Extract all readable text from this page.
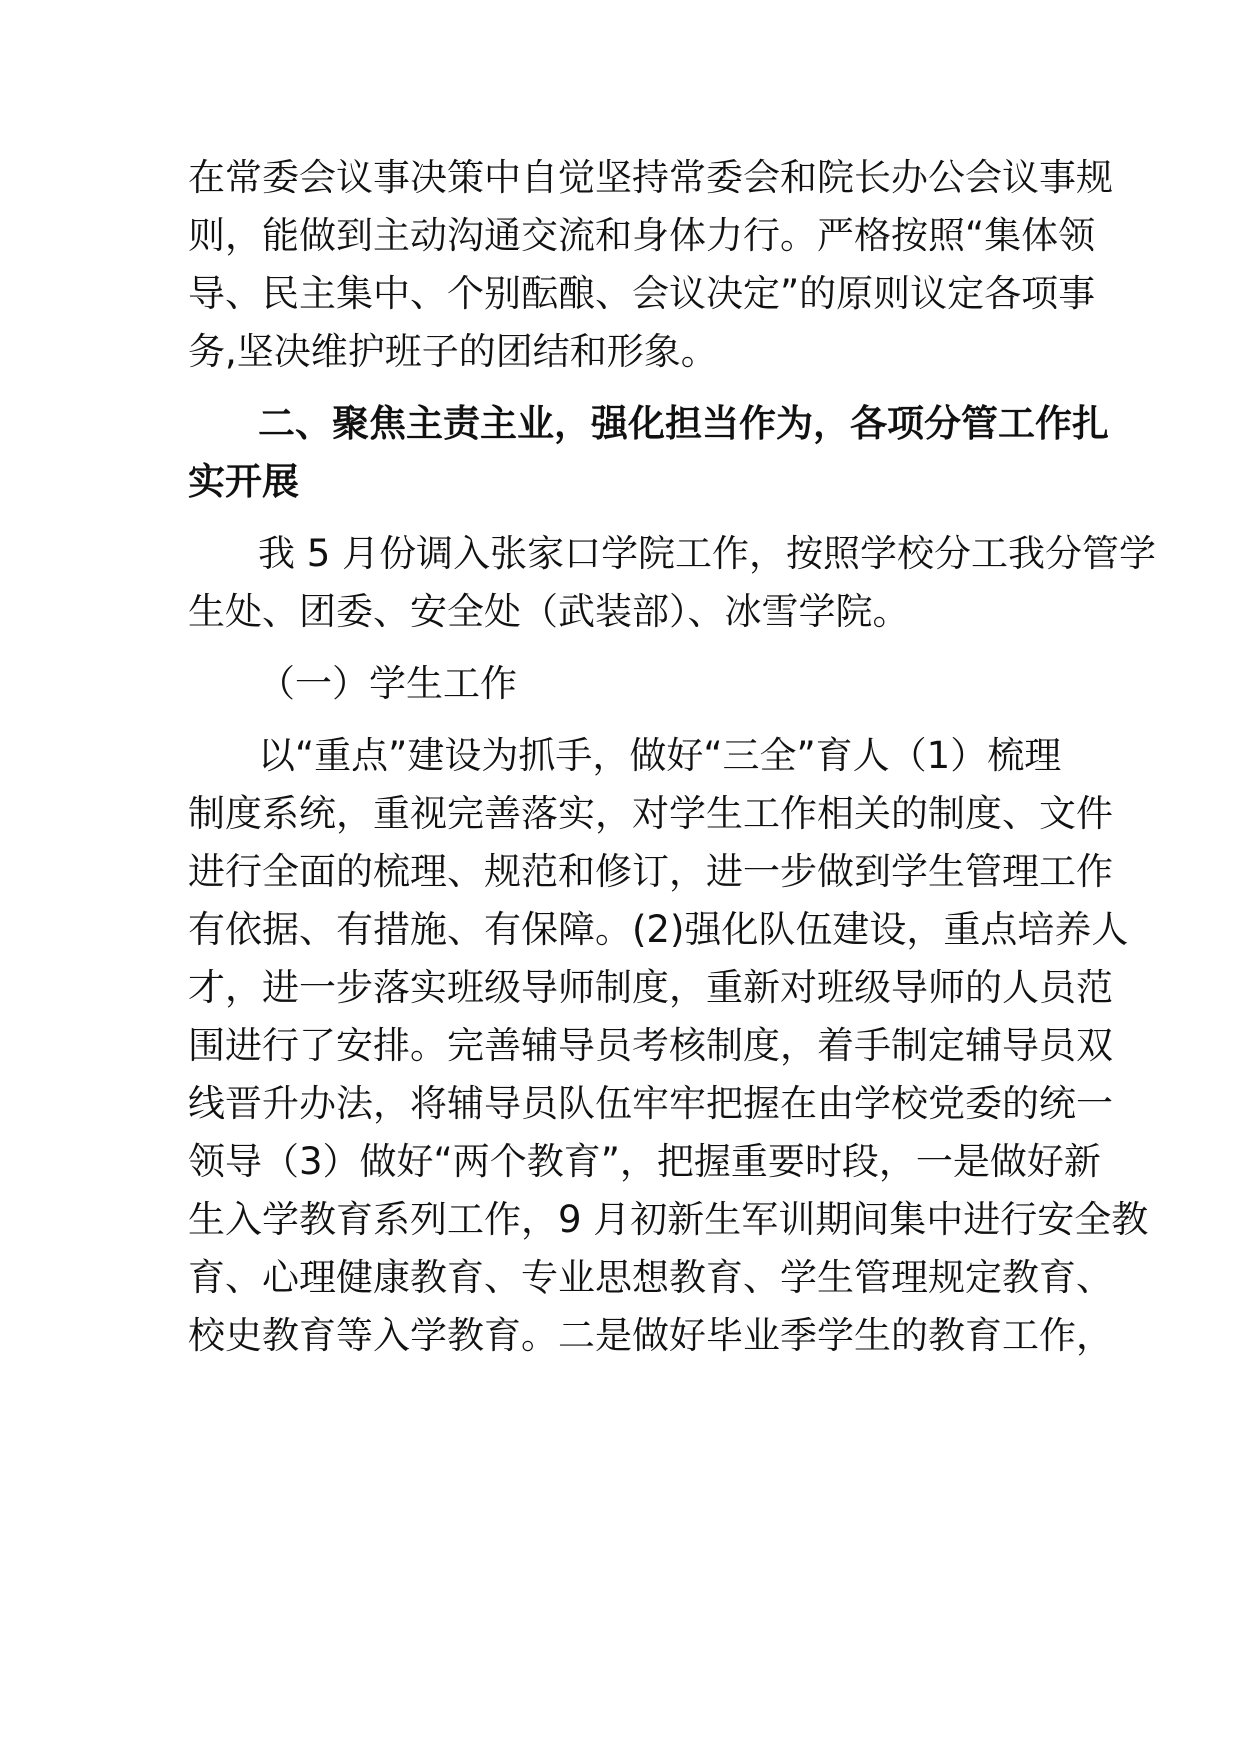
在常委会议事决策中自觉坚持常委会和院长办公会议事规

则，能做到主动沟通交流和身体力行。严格按照“集体领

导、民主集中、个别酝酿、会议决定”的原则议定各项事

务,坚决维护班子的团结和形象。

二、聚焦主责主业，强化担当作为，各项分管工作扎

实开展

我 5 月份调入张家口学院工作，按照学校分工我分管学

生处、团委、安全处（武装部）、冰雪学院。

（一）学生工作

以“重点”建设为抓手，做好“三全”育人（1）梳理

制度系统，重视完善落实，对学生工作相关的制度、文件

进行全面的梳理、规范和修订，进一步做到学生管理工作

有依据、有措施、有保障。(2)强化队伍建设，重点培养人

才，进一步落实班级导师制度，重新对班级导师的人员范

围进行了安排。完善辅导员考核制度，着手制定辅导员双

线晋升办法，将辅导员队伍牢牢把握在由学校党委的统一

领导（3）做好“两个教育”，把握重要时段，一是做好新

生入学教育系列工作，9 月初新生军训期间集中进行安全教

育、心理健康教育、专业思想教育、学生管理规定教育、

校史教育等入学教育。二是做好毕业季学生的教育工作，
